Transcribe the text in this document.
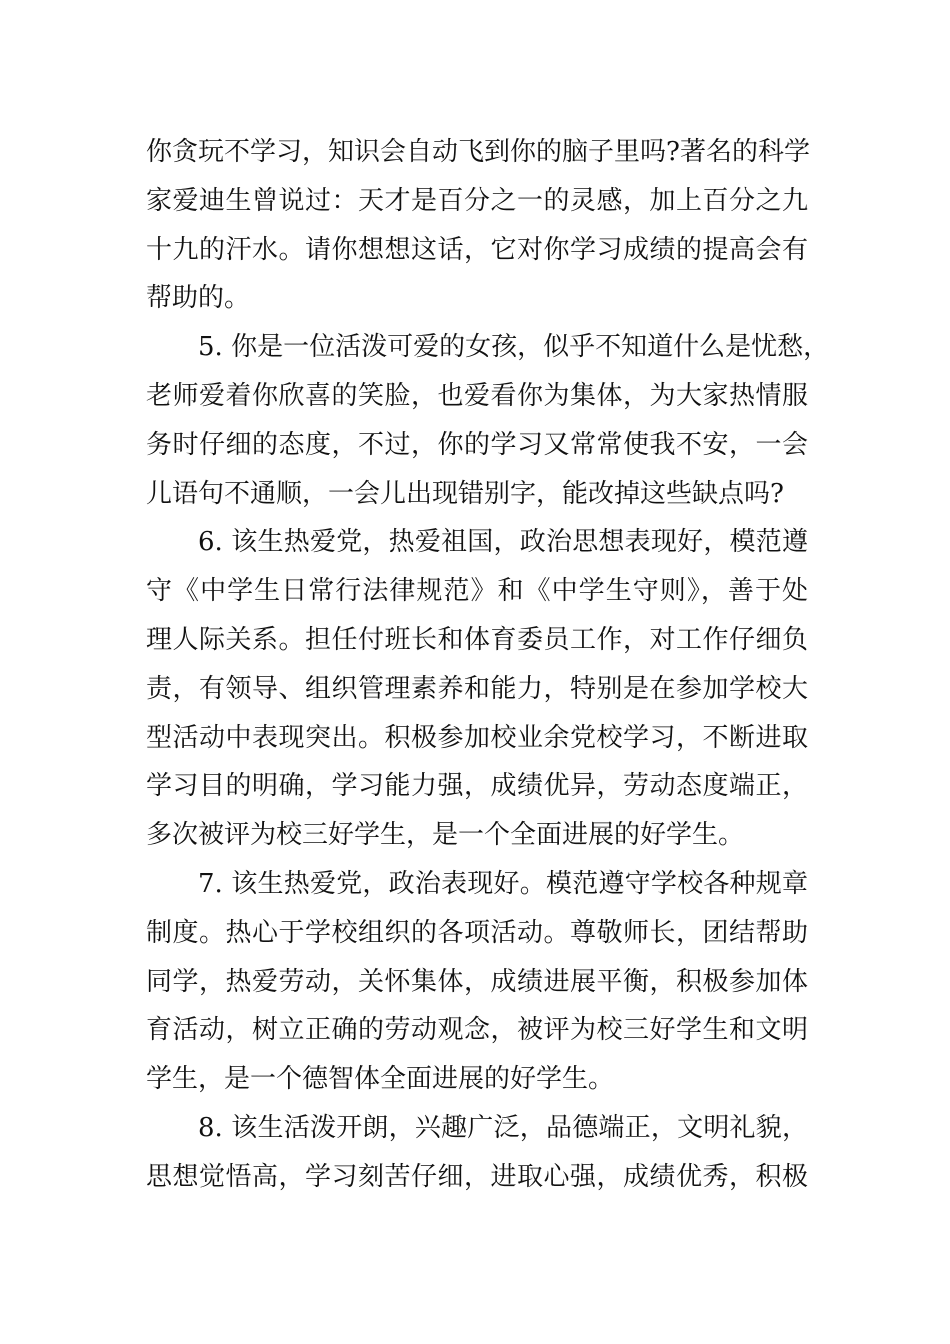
你贪玩不学习，知识会自动飞到你的脑子里吗?著名的科学
家爱迪生曾说过：天才是百分之一的灵感，加上百分之九
十九的汗水。请你想想这话，它对你学习成绩的提高会有
帮助的。
5. 你是一位活泼可爱的女孩，似乎不知道什么是忧愁，
老师爱着你欣喜的笑脸，也爱看你为集体，为大家热情服
务时仔细的态度，不过，你的学习又常常使我不安，一会
儿语句不通顺，一会儿出现错别字，能改掉这些缺点吗?
6. 该生热爱党，热爱祖国，政治思想表现好，模范遵
守《中学生日常行法律规范》和《中学生守则》，善于处
理人际关系。担任付班长和体育委员工作，对工作仔细负
责，有领导、组织管理素养和能力，特别是在参加学校大
型活动中表现突出。积极参加校业余党校学习，不断进取
学习目的明确，学习能力强，成绩优异，劳动态度端正，
多次被评为校三好学生，是一个全面进展的好学生。
7. 该生热爱党，政治表现好。模范遵守学校各种规章
制度。热心于学校组织的各项活动。尊敬师长，团结帮助
同学，热爱劳动，关怀集体，成绩进展平衡，积极参加体
育活动，树立正确的劳动观念，被评为校三好学生和文明
学生，是一个德智体全面进展的好学生。
8. 该生活泼开朗，兴趣广泛，品德端正，文明礼貌，
思想觉悟高，学习刻苦仔细，进取心强，成绩优秀，积极
